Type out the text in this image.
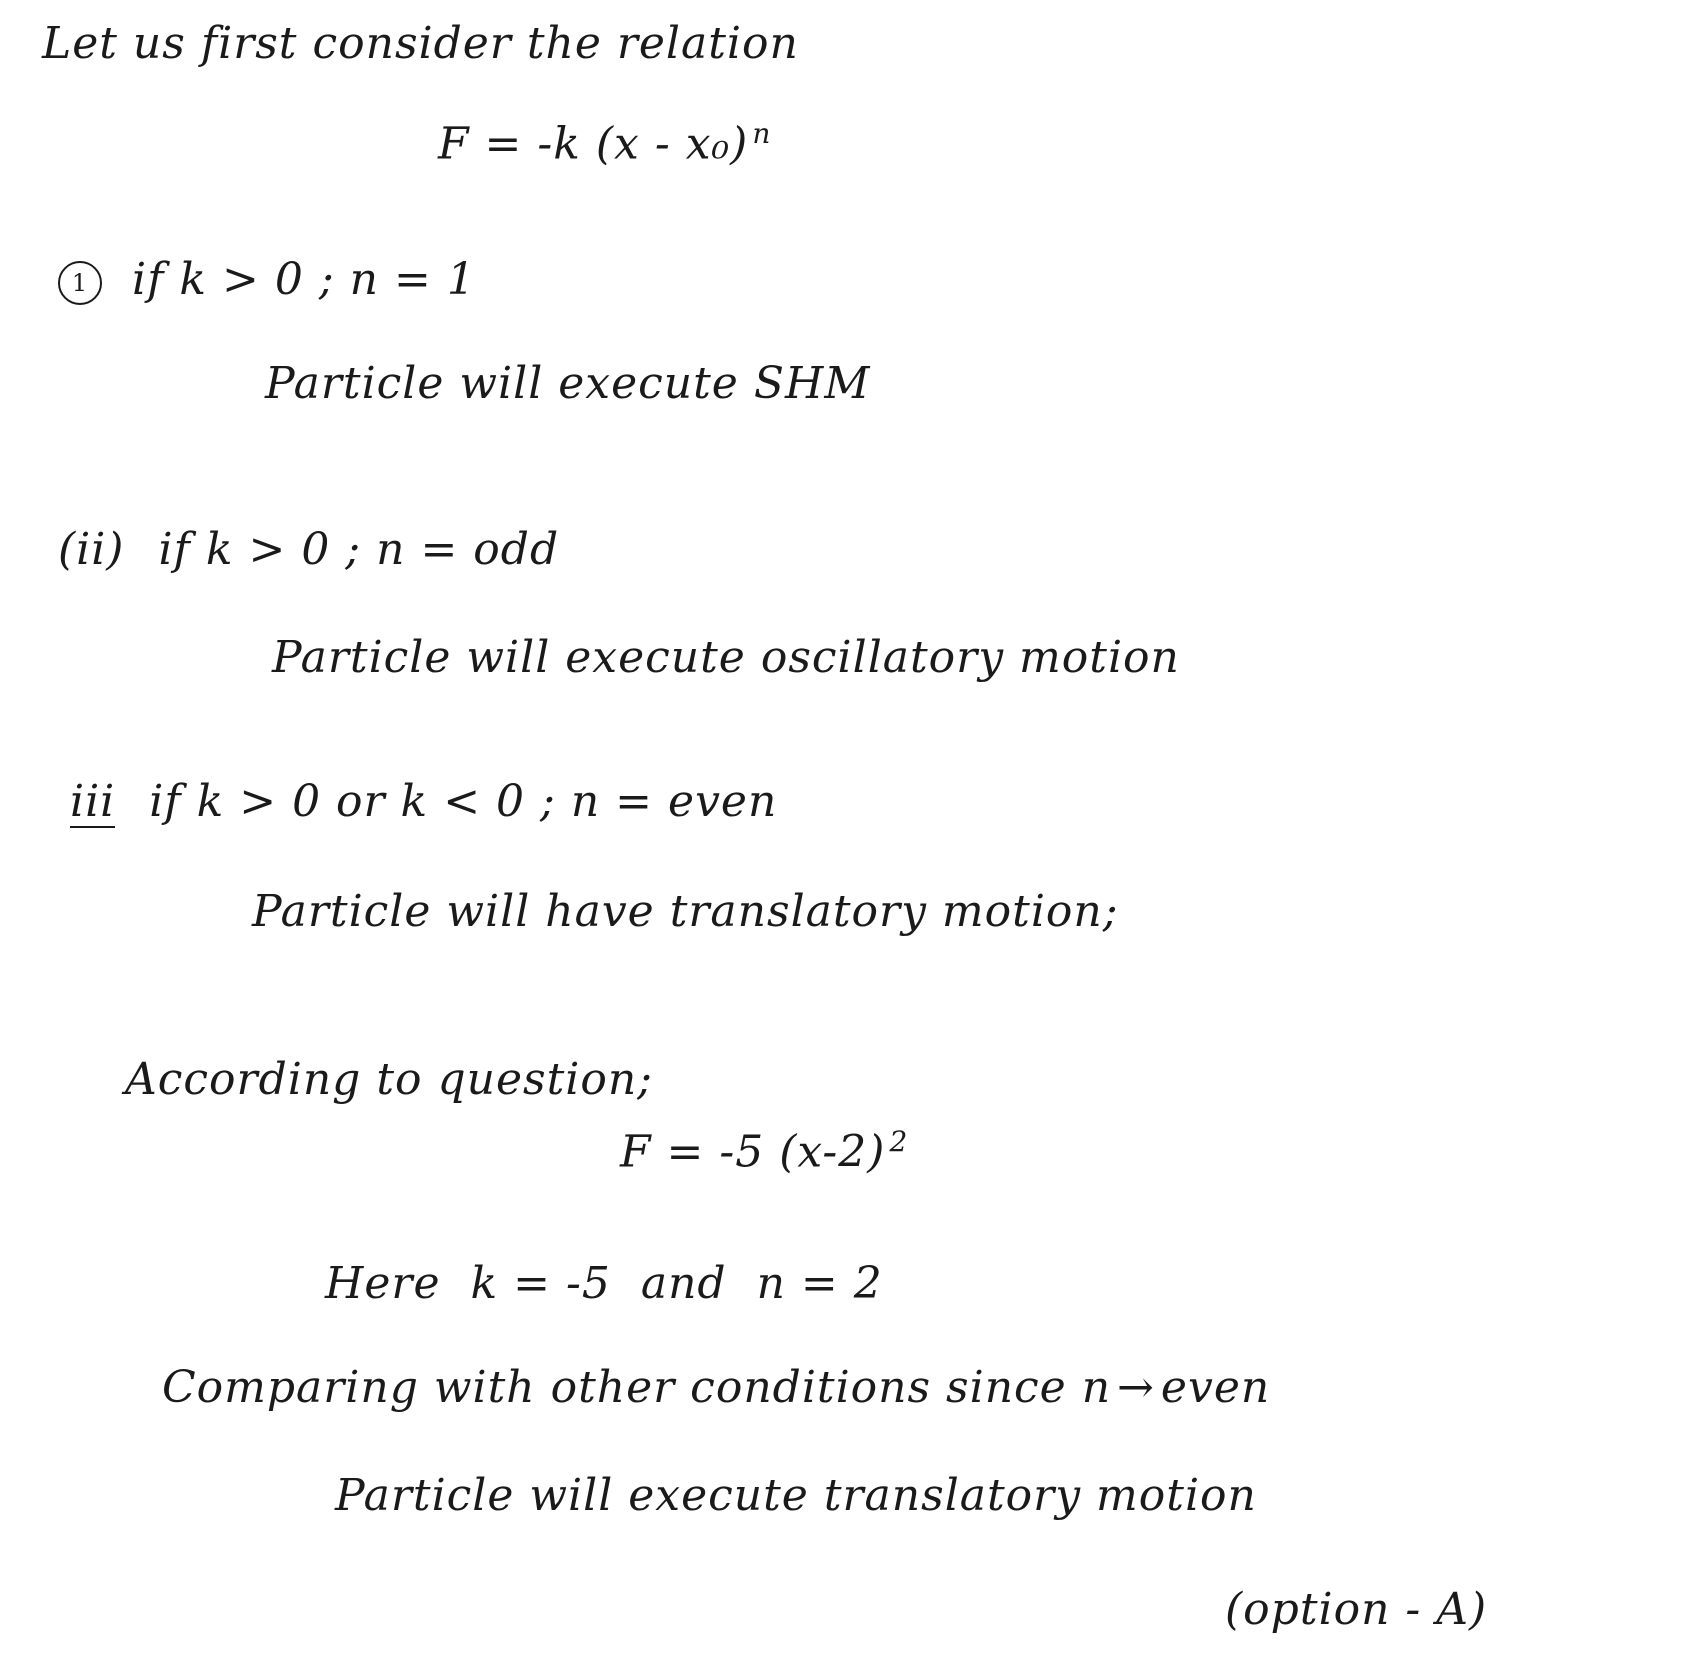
Let us first consider the relation
F = -k (x - x₀) $^n$
1 if k > 0 ; n = 1
Particle will execute SHM
(ii) if k > 0 ; n = odd
Particle will execute oscillatory motion
iii if k > 0 or k < 0 ; n = even
Particle will have translatory motion;
According to question;
F = -5 (x-2) $^2$
Here k = -5 and n = 2
Comparing with other conditions since n → even
Particle will execute translatory motion
(option - A)
